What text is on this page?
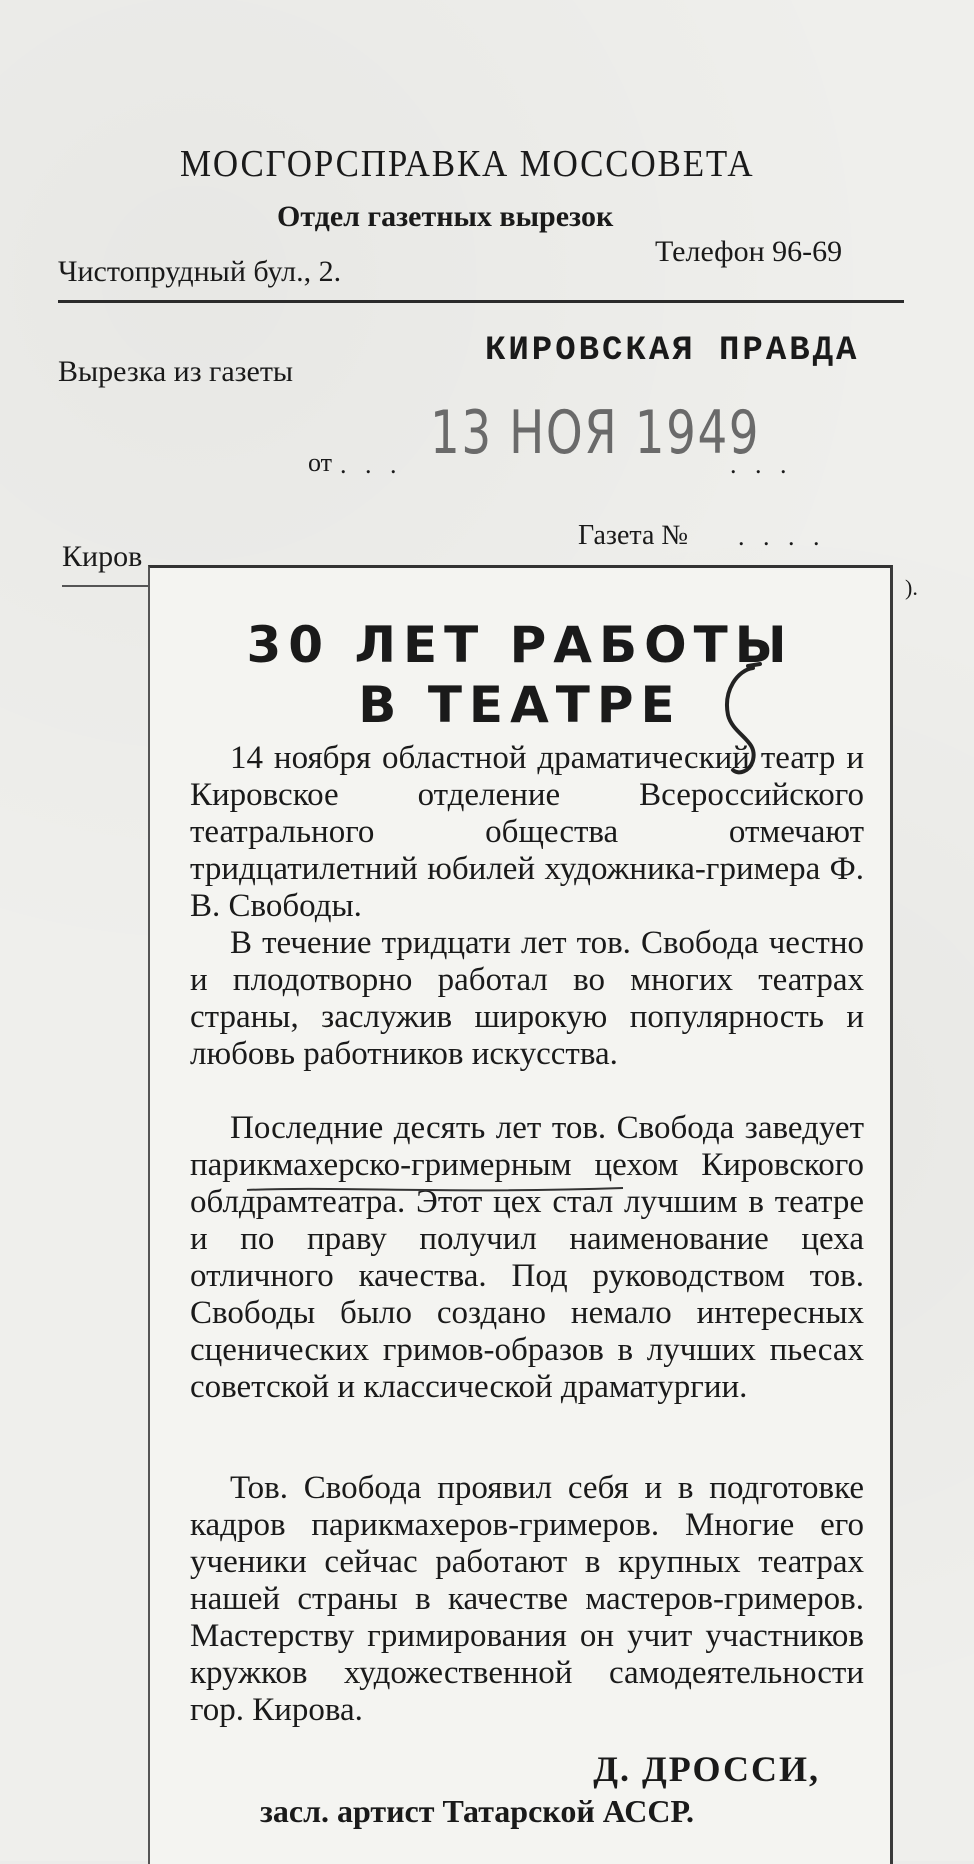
МОСГОРСПРАВКА МОССОВЕТА
Отдел газетных вырезок
Чистопрудный бул., 2.
Телефон 96-69
Вырезка из газеты
КИРОВСКАЯ ПРАВДА
от . . . 13 НОЯ 1949
. . .
Киров
Газета № . . . .
).
30 ЛЕТ РАБОТЫ
В ТЕАТРЕ
14 ноября областной драматический театр и Кировское отделение Всероссийского театрального общества отмечают тридцатилетний юбилей художника-гримера Ф. В. Свободы.
В течение тридцати лет тов. Свобода честно и плодотворно работал во многих театрах страны, заслужив широкую популярность и любовь работников искусства.
Последние десять лет тов. Свобода заведует парикмахерско-гримерным цехом Кировского облдрамтеатра. Этот цех стал лучшим в театре и по праву получил наименование цеха отличного качества. Под руководством тов. Свободы было создано немало интересных сценических гримов-образов в лучших пьесах советской и классической драматургии.
Тов. Свобода проявил себя и в подготовке кадров парикмахеров-гримеров. Многие его ученики сейчас работают в крупных театрах нашей страны в качестве мастеров-гримеров. Мастерству гримирования он учит участников кружков художественной самодеятельности гор. Кирова.
Д. ДРОССИ,
засл. артист Татарской АССР.
